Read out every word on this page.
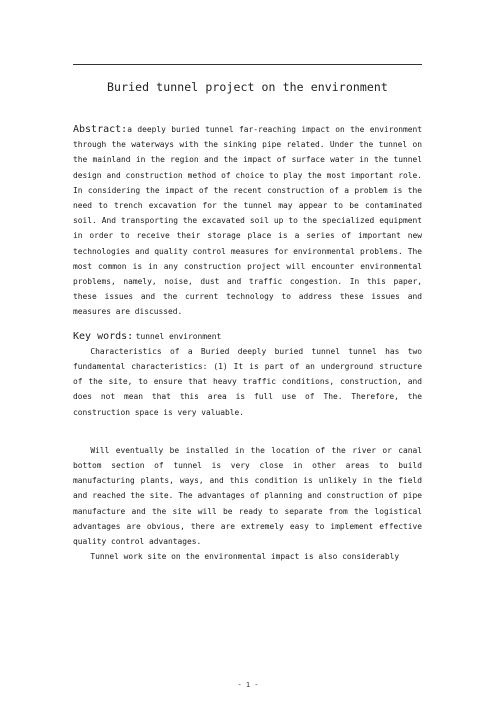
Buried tunnel project on the environment

Abstract:a deeply buried tunnel far-reaching impact on the environment through the waterways with the sinking pipe related. Under the tunnel on the mainland in the region and the impact of surface water in the tunnel design and construction method of choice to play the most important role. In considering the impact of the recent construction of a problem is the need to trench excavation for the tunnel may appear to be contaminated soil. And transporting the excavated soil up to the specialized equipment in order to receive their storage place is a series of important new technologies and quality control measures for environmental problems. The most common is in any construction project will encounter environmental problems, namely, noise, dust and traffic congestion. In this paper, these issues and the current technology to address these issues and measures are discussed.

Key words: tunnel environment

Characteristics of a Buried deeply buried tunnel tunnel has two fundamental characteristics: (1) It is part of an underground structure of the site, to ensure that heavy traffic conditions, construction, and does not mean that this area is full use of The. Therefore, the construction space is very valuable.

Will eventually be installed in the location of the river or canal bottom section of tunnel is very close in other areas to build manufacturing plants, ways, and this condition is unlikely in the field and reached the site. The advantages of planning and construction of pipe manufacture and the site will be ready to separate from the logistical advantages are obvious, there are extremely easy to implement effective quality control advantages.

Tunnel work site on the environmental impact is also considerably

- 1 -
